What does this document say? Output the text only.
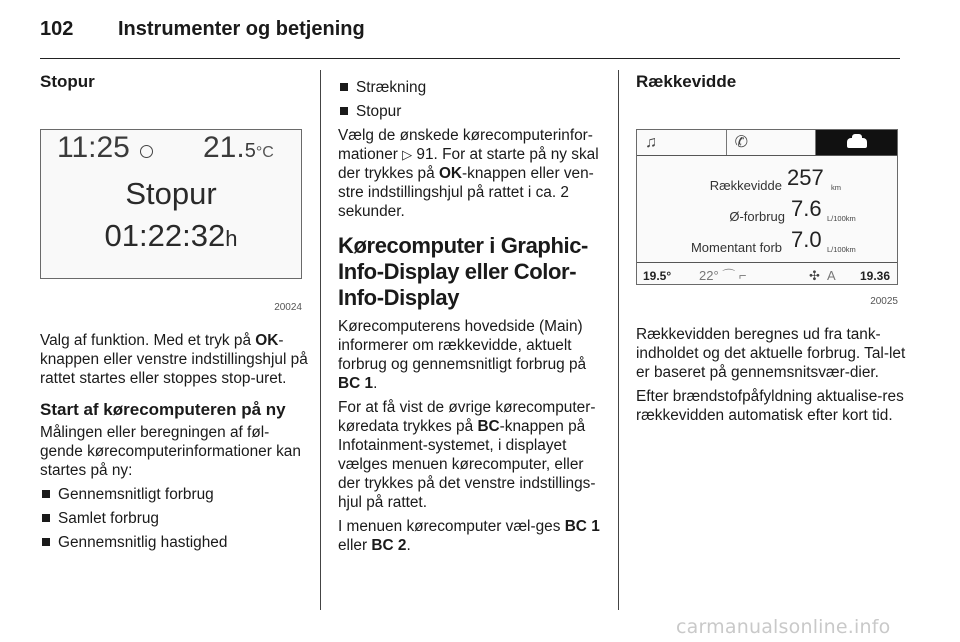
102	Instrumenter og betjening
Stopur
11:25 21.5°C
Stopur
01:22:32h
20024

Valg af funktion. Med et tryk på OK-knappen eller venstre indstillingshjul på rattet startes eller stoppes stop-uret.

Start af kørecomputeren på ny

Målingen eller beregningen af føl-gende kørecomputerinformationer kan startes på ny:

Gennemsnitligt forbrug
Samlet forbrug
Gennemsnitlig hastighed
Strækning
Stopur

Vælg de ønskede kørecomputerinfor-mationer ▷ 91. For at starte på ny skal der trykkes på OK-knappen eller ven-stre indstillingshjul på rattet i ca. 2 sekunder.

Kørecomputer i Graphic-Info-Display eller Color-Info-Display

Kørecomputerens hovedside (Main) informerer om rækkevidde, aktuelt forbrug og gennemsnitligt forbrug på BC 1.

For at få vist de øvrige kørecomputer-køredata trykkes på BC-knappen på Infotainment-systemet, i displayet vælges menuen kørecomputer, eller der trykkes på det venstre indstillings-hjul på rattet.

I menuen kørecomputer væl-ges BC 1 eller BC 2.

Rækkevidde
♫	✆
Rækkevidde 257 km
Ø-forbrug 7.6 L/100km
Momentant forb 7.0 L/100km
19.5° 22° ⌒ ⌐	✣ A 19.36
20025

Rækkevidden beregnes ud fra tank-indholdet og det aktuelle forbrug. Tal-let er baseret på gennemsnitsvær-dier.

Efter brændstofpåfyldning aktualise-res rækkevidden automatisk efter kort tid.

carmanualsonline.info
